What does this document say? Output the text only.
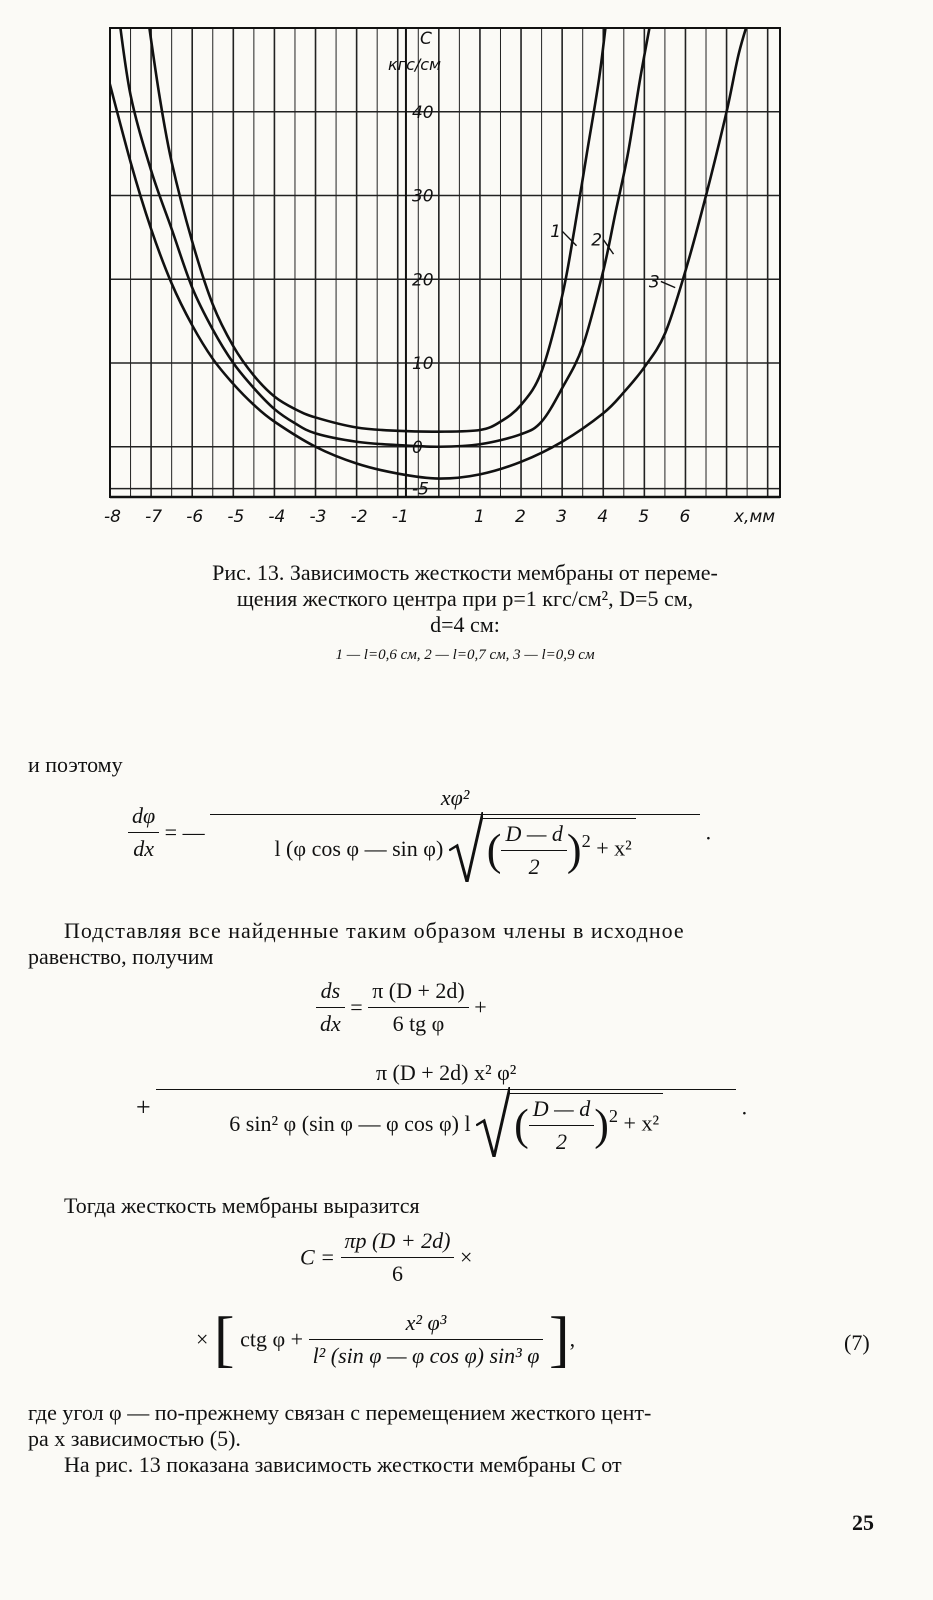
-8 -7 -6 -5 -4 -3 -2 -1	1 2 3 4 5 6
40
30
20
10
0
-5
1 2
3
C
кгс/см
x,мм
Рис. 13. Зависимость жесткости мембраны от переме-
щения жесткого центра при p=1 кгс/см², D=5 см,
d=4 см:
1 — l=0,6 см, 2 — l=0,7 см, 3 — l=0,9 см
и поэтому
$\frac{d\varphi}{dx}$ = — $\frac{\text{xφ²}}{l (\varphi \cos \varphi — \sin \varphi) ( \frac{D — d}{2} )^2 + x^2}$ .
Подставляя все найденные таким образом члены в исходное
равенство, получим
$\frac{ds}{dx} = \frac{\pi (D + 2d)}{\text{6 tg φ}}$ +
+
π (D + 2d) x² φ²
6 sin² φ (sin φ — φ cos φ) l ( $\frac{D — d}{2} )^2 + x^2$
.
Тогда жесткость мембраны выразится
$C = \frac{\pi p (D + 2d)}{6}$ ×
× [ ctg $\varphi + \frac{\text{x² φ³}}{\text{l² (sin φ — φ cos φ) sin³ φ}}$ ],	(7)
где угол φ — по-прежнему связан с перемещением жесткого цент-
ра x зависимостью (5).
На рис. 13 показана зависимость жесткости мембраны C от
25
